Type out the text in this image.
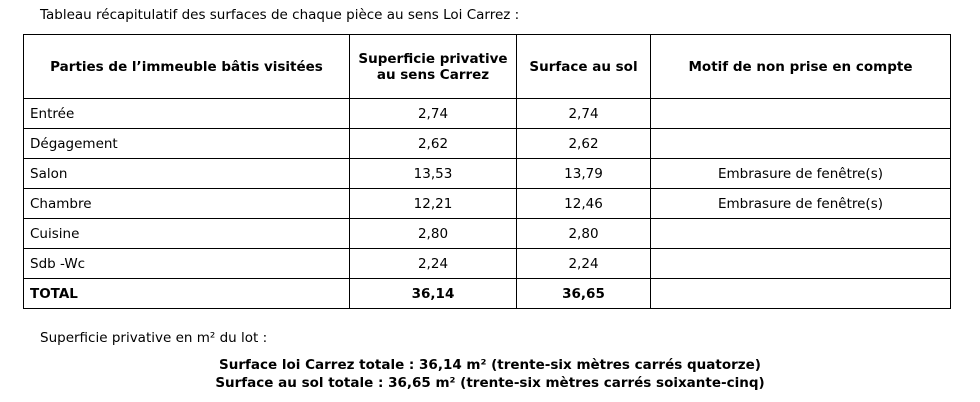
Tableau récapitulatif des surfaces de chaque pièce au sens Loi Carrez :
Parties de l’immeuble bâtis visitées	Superficie privative au sens Carrez	Surface au sol	Motif de non prise en compte
Entrée	2,74	2,74	
Dégagement	2,62	2,62	
Salon	13,53	13,79	Embrasure de fenêtre(s)
Chambre	12,21	12,46	Embrasure de fenêtre(s)
Cuisine	2,80	2,80	
Sdb -Wc	2,24	2,24	
TOTAL	36,14	36,65	
Superficie privative en m² du lot :
Surface loi Carrez totale : 36,14 m² (trente-six mètres carrés quatorze)
Surface au sol totale : 36,65 m² (trente-six mètres carrés soixante-cinq)
